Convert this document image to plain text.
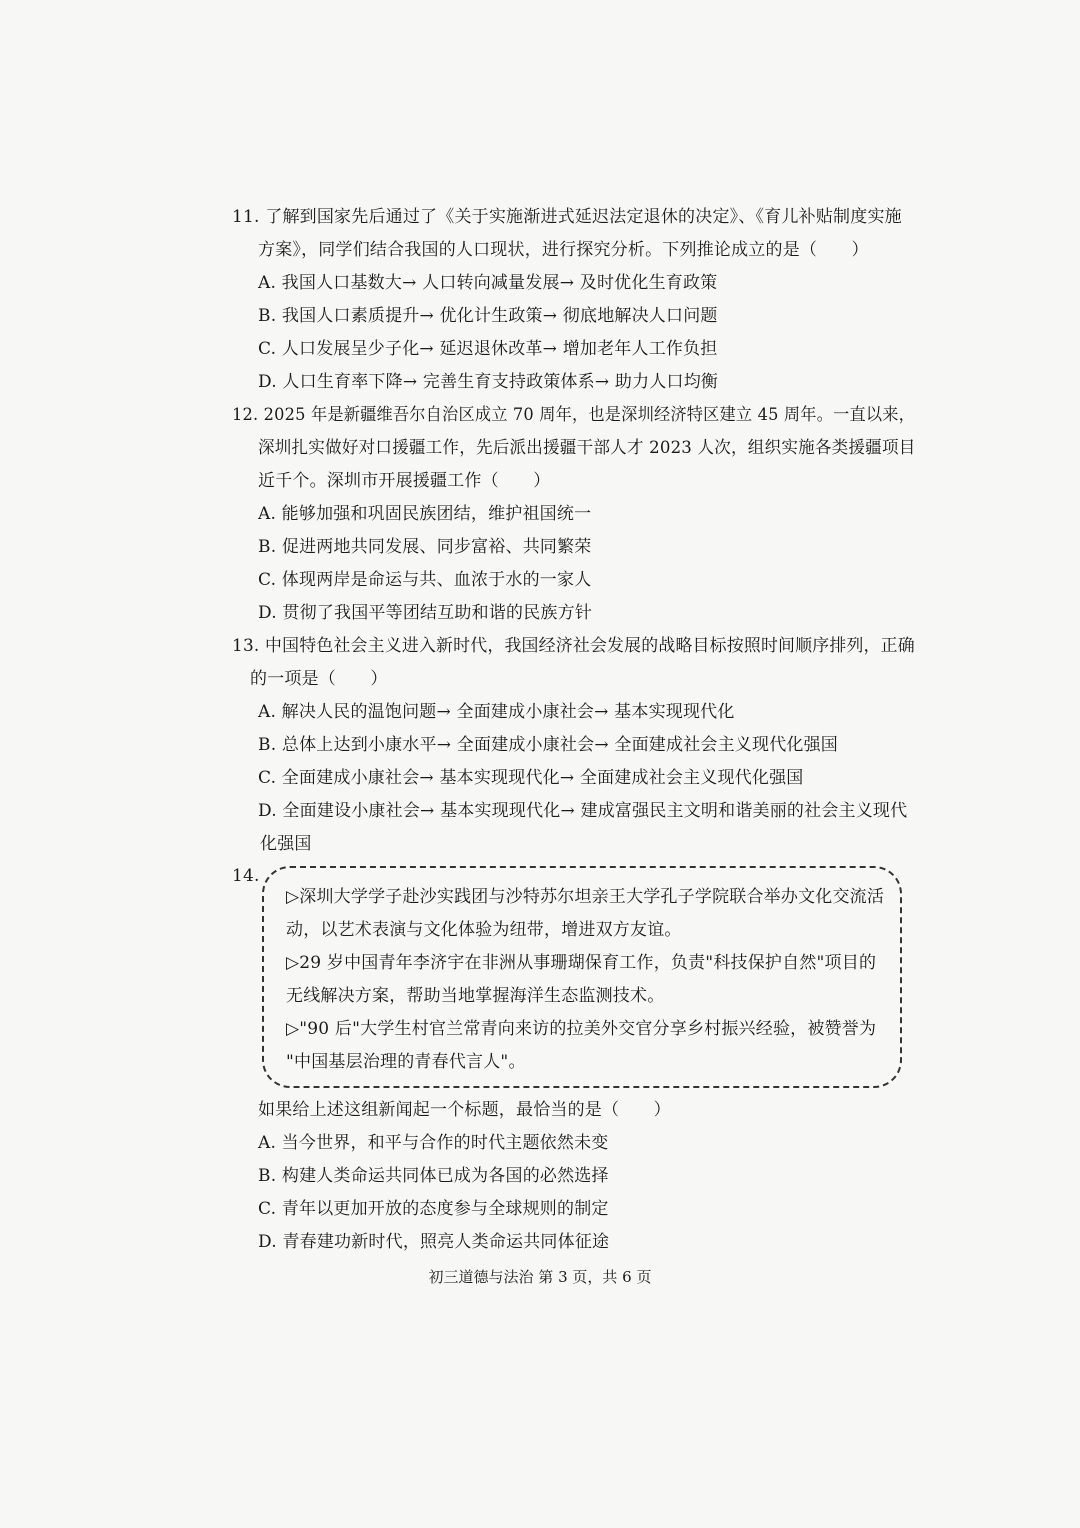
11. 了解到国家先后通过了《关于实施渐进式延迟法定退休的决定》、《育儿补贴制度实施
方案》，同学们结合我国的人口现状，进行探究分析。下列推论成立的是（　　）
A. 我国人口基数大→ 人口转向减量发展→ 及时优化生育政策
B. 我国人口素质提升→ 优化计生政策→ 彻底地解决人口问题
C. 人口发展呈少子化→ 延迟退休改革→ 增加老年人工作负担
D. 人口生育率下降→ 完善生育支持政策体系→ 助力人口均衡
12. 2025 年是新疆维吾尔自治区成立 70 周年，也是深圳经济特区建立 45 周年。一直以来，
深圳扎实做好对口援疆工作，先后派出援疆干部人才 2023 人次，组织实施各类援疆项目
近千个。深圳市开展援疆工作（　　）
A. 能够加强和巩固民族团结，维护祖国统一
B. 促进两地共同发展、同步富裕、共同繁荣
C. 体现两岸是命运与共、血浓于水的一家人
D. 贯彻了我国平等团结互助和谐的民族方针
13. 中国特色社会主义进入新时代，我国经济社会发展的战略目标按照时间顺序排列，正确
的一项是（　　）
A. 解决人民的温饱问题→ 全面建成小康社会→ 基本实现现代化
B. 总体上达到小康水平→ 全面建成小康社会→ 全面建成社会主义现代化强国
C. 全面建成小康社会→ 基本实现现代化→ 全面建成社会主义现代化强国
D. 全面建设小康社会→ 基本实现现代化→ 建成富强民主文明和谐美丽的社会主义现代
化强国
14.
▷深圳大学学子赴沙实践团与沙特苏尔坦亲王大学孔子学院联合举办文化交流活
动，以艺术表演与文化体验为纽带，增进双方友谊。
▷29 岁中国青年李济宇在非洲从事珊瑚保育工作，负责"科技保护自然"项目的
无线解决方案，帮助当地掌握海洋生态监测技术。
▷"90 后"大学生村官兰常青向来访的拉美外交官分享乡村振兴经验，被赞誉为
"中国基层治理的青春代言人"。
如果给上述这组新闻起一个标题，最恰当的是（　　）
A. 当今世界，和平与合作的时代主题依然未变
B. 构建人类命运共同体已成为各国的必然选择
C. 青年以更加开放的态度参与全球规则的制定
D. 青春建功新时代，照亮人类命运共同体征途
初三道德与法治 第 3 页，共 6 页
